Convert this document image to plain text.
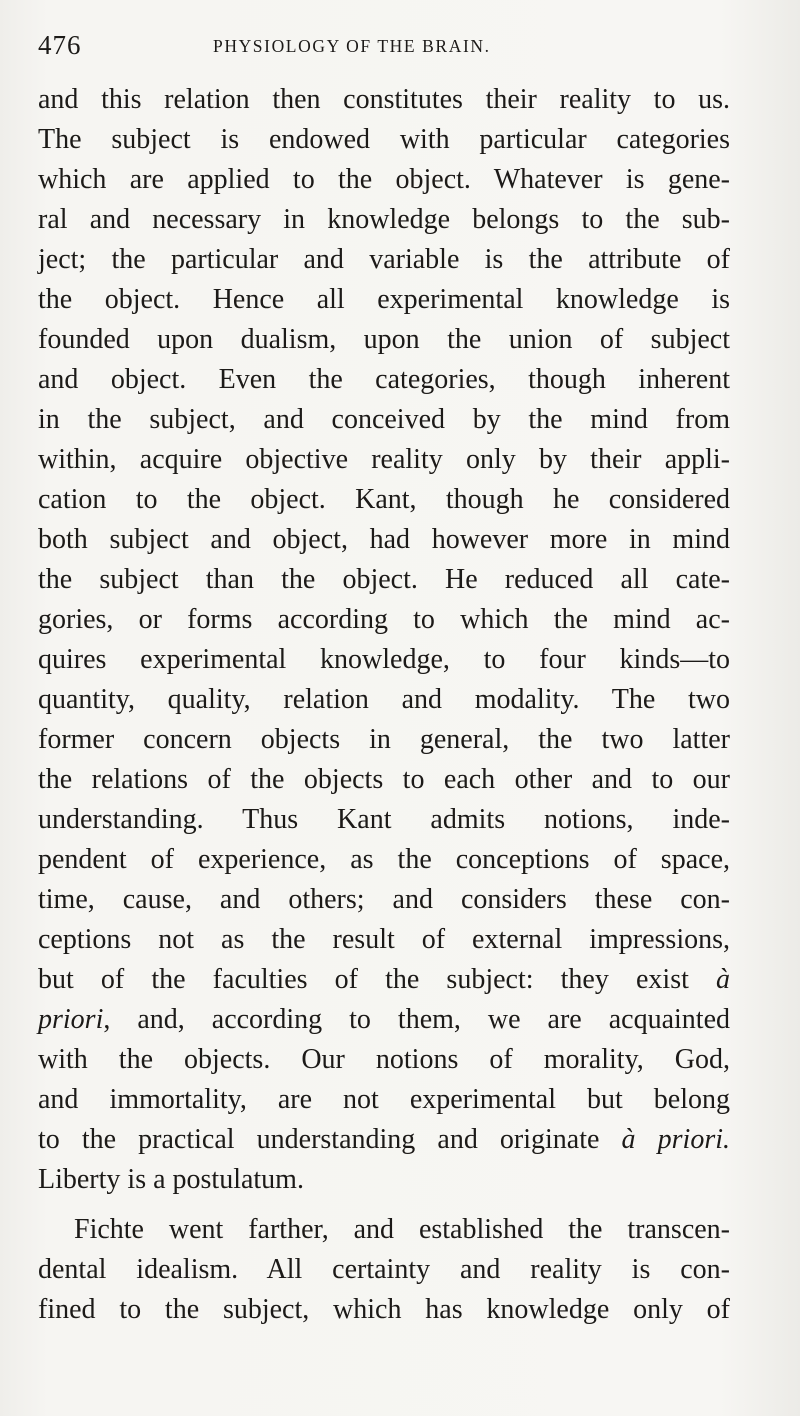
476	PHYSIOLOGY OF THE BRAIN.
and this relation then constitutes their reality to us.
The subject is endowed with particular categories
which are applied to the object. Whatever is gene-
ral and necessary in knowledge belongs to the sub-
ject; the particular and variable is the attribute of
the object. Hence all experimental knowledge is
founded upon dualism, upon the union of subject
and object. Even the categories, though inherent
in the subject, and conceived by the mind from
within, acquire objective reality only by their appli-
cation to the object. Kant, though he considered
both subject and object, had however more in mind
the subject than the object. He reduced all cate-
gories, or forms according to which the mind ac-
quires experimental knowledge, to four kinds—to
quantity, quality, relation and modality. The two
former concern objects in general, the two latter
the relations of the objects to each other and to our
understanding. Thus Kant admits notions, inde-
pendent of experience, as the conceptions of space,
time, cause, and others; and considers these con-
ceptions not as the result of external impressions,
but of the faculties of the subject: they exist à
priori, and, according to them, we are acquainted
with the objects. Our notions of morality, God,
and immortality, are not experimental but belong
to the practical understanding and originate à priori.
Liberty is a postulatum.
Fichte went farther, and established the transcen-
dental idealism. All certainty and reality is con-
fined to the subject, which has knowledge only of
